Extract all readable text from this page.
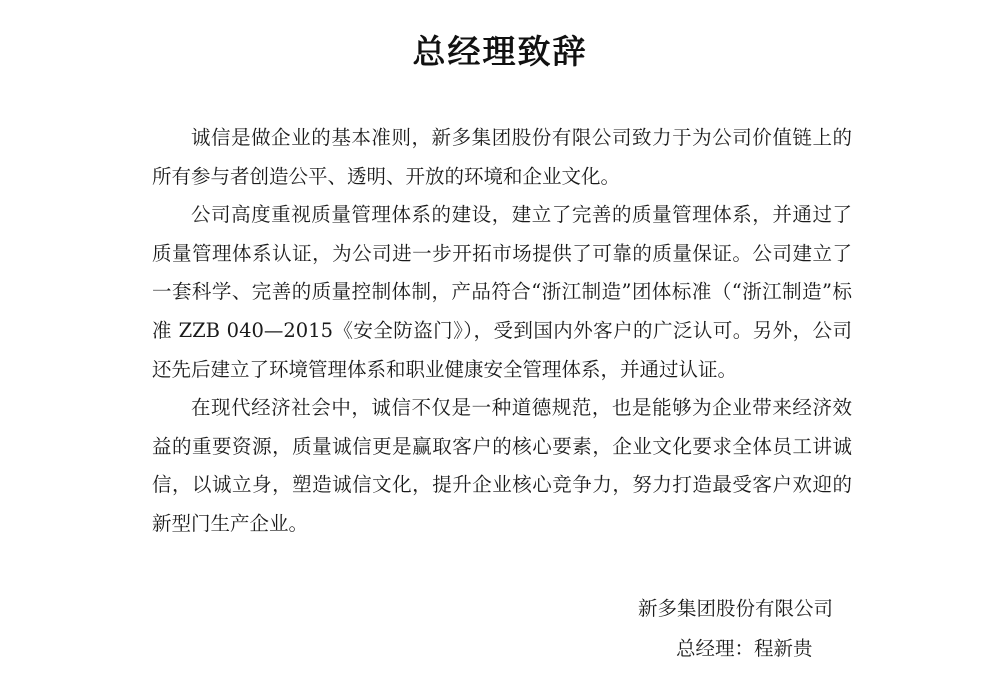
总经理致辞

诚信是做企业的基本准则，新多集团股份有限公司致力于为公司价值链上的所有参与者创造公平、透明、开放的环境和企业文化。

公司高度重视质量管理体系的建设，建立了完善的质量管理体系，并通过了质量管理体系认证，为公司进一步开拓市场提供了可靠的质量保证。公司建立了一套科学、完善的质量控制体制，产品符合“浙江制造”团体标准（“浙江制造”标准 ZZB 040—2015《安全防盗门》），受到国内外客户的广泛认可。另外，公司还先后建立了环境管理体系和职业健康安全管理体系，并通过认证。

在现代经济社会中，诚信不仅是一种道德规范，也是能够为企业带来经济效益的重要资源，质量诚信更是赢取客户的核心要素，企业文化要求全体员工讲诚信，以诚立身，塑造诚信文化，提升企业核心竞争力，努力打造最受客户欢迎的新型门生产企业。

新多集团股份有限公司
总经理：程新贵
